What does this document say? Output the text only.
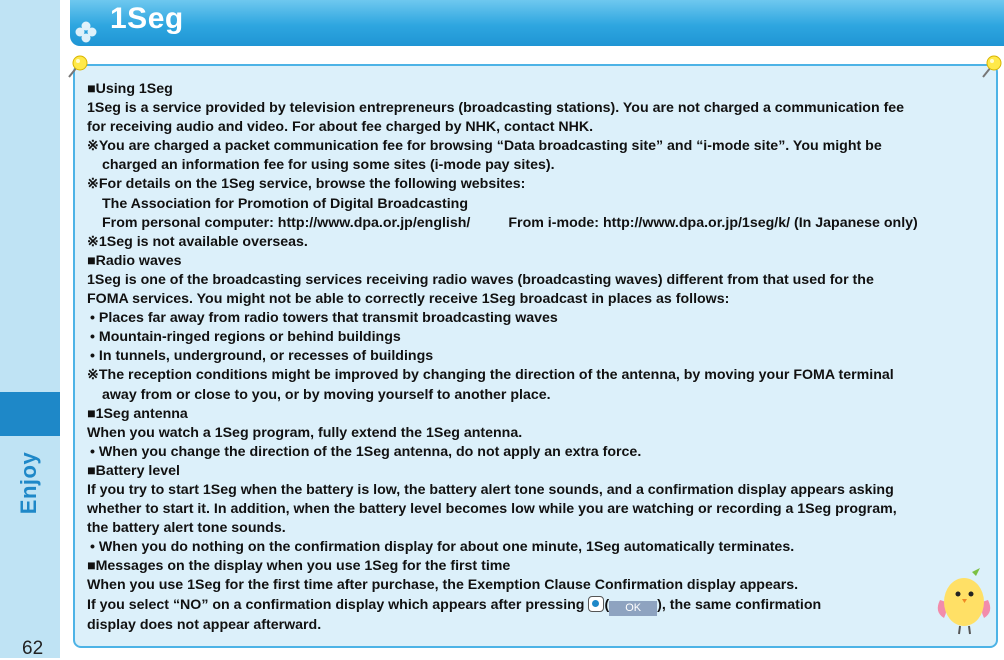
Enjoy
62
1Seg
■Using 1Seg
1Seg is a service provided by television entrepreneurs (broadcasting stations). You are not charged a communication fee
for receiving audio and video. For about fee charged by NHK, contact NHK.
※You are charged a packet communication fee for browsing “Data broadcasting site” and “i-mode site”. You might be
charged an information fee for using some sites (i-mode pay sites).
※For details on the 1Seg service, browse the following websites:
The Association for Promotion of Digital Broadcasting
From personal computer: http://www.dpa.or.jp/english/	From i-mode: http://www.dpa.or.jp/1seg/k/ (In Japanese only)
※1Seg is not available overseas.
■Radio waves
1Seg is one of the broadcasting services receiving radio waves (broadcasting waves) different from that used for the
FOMA services. You might not be able to correctly receive 1Seg broadcast in places as follows:
• Places far away from radio towers that transmit broadcasting waves
• Mountain-ringed regions or behind buildings
• In tunnels, underground, or recesses of buildings
※The reception conditions might be improved by changing the direction of the antenna, by moving your FOMA terminal
away from or close to you, or by moving yourself to another place.
■1Seg antenna
When you watch a 1Seg program, fully extend the 1Seg antenna.
• When you change the direction of the 1Seg antenna, do not apply an extra force.
■Battery level
If you try to start 1Seg when the battery is low, the battery alert tone sounds, and a confirmation display appears asking
whether to start it. In addition, when the battery level becomes low while you are watching or recording a 1Seg program,
the battery alert tone sounds.
• When you do nothing on the confirmation display for about one minute, 1Seg automatically terminates.
■Messages on the display when you use 1Seg for the first time
When you use 1Seg for the first time after purchase, the Exemption Clause Confirmation display appears.
If you select “NO” on a confirmation display which appears after pressing ( OK ), the same confirmation
display does not appear afterward.
